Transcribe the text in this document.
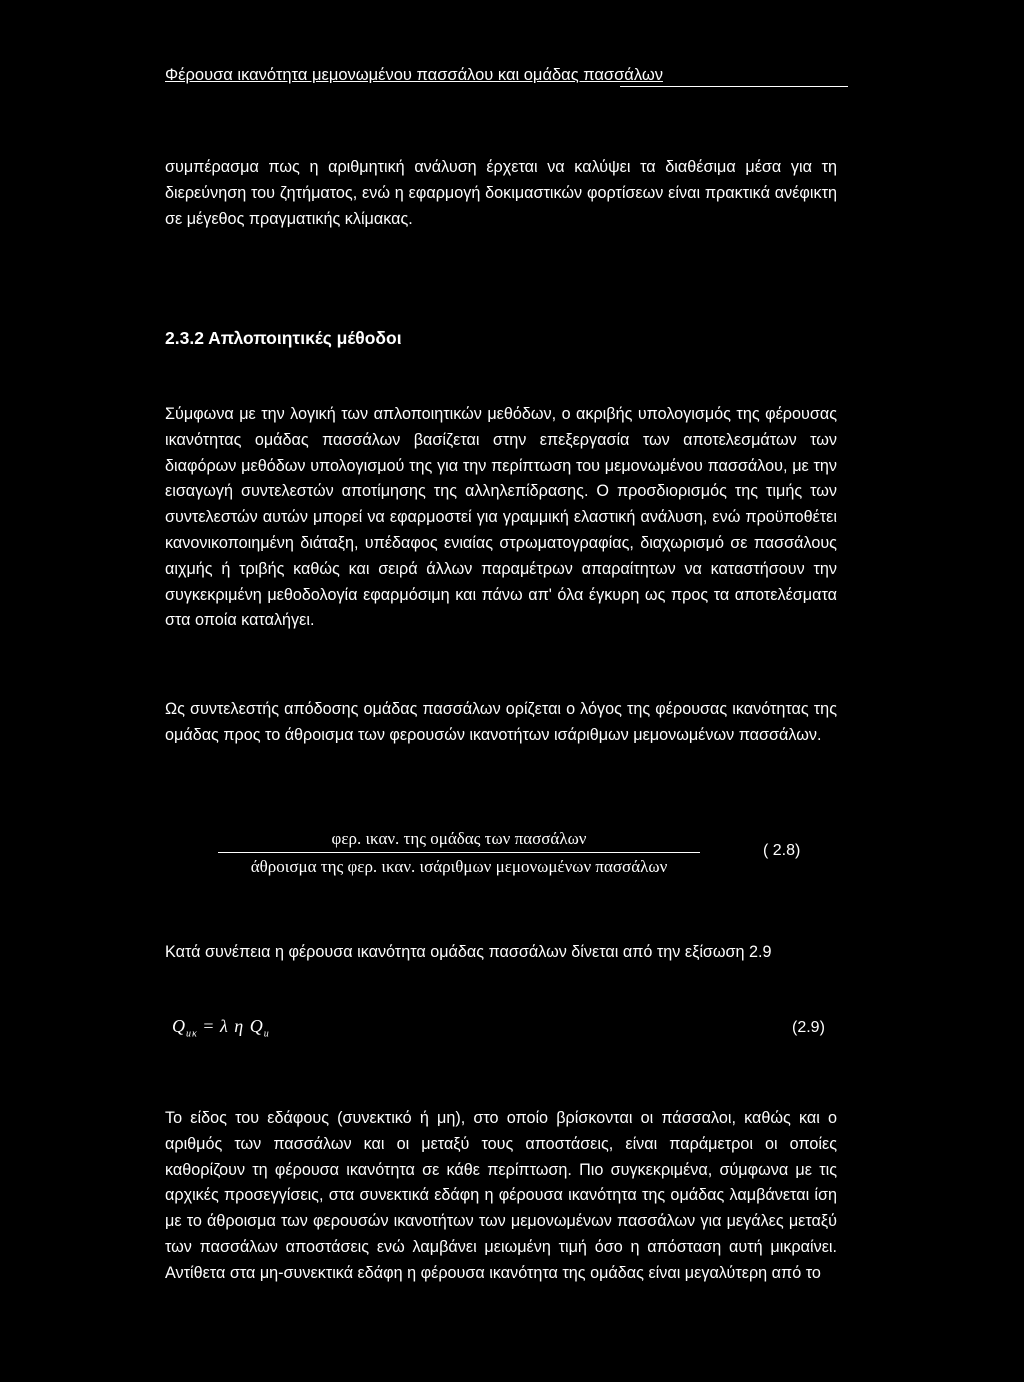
Φέρουσα ικανότητα μεμονωμένου πασσάλου και ομάδας πασσάλων

συμπέρασμα πως η αριθμητική ανάλυση έρχεται να καλύψει τα διαθέσιμα μέσα για τη διερεύνηση του ζητήματος, ενώ η εφαρμογή δοκιμαστικών φορτίσεων είναι πρακτικά ανέφικτη σε μέγεθος πραγματικής κλίμακας.

2.3.2 Απλοποιητικές μέθοδοι

Σύμφωνα με την λογική των απλοποιητικών μεθόδων, ο ακριβής υπολογισμός της φέρουσας ικανότητας ομάδας πασσάλων βασίζεται στην επεξεργασία των αποτελεσμάτων των διαφόρων μεθόδων υπολογισμού της για την περίπτωση του μεμονωμένου πασσάλου, με την εισαγωγή συντελεστών αποτίμησης της αλληλεπίδρασης. Ο προσδιορισμός της τιμής των συντελεστών αυτών μπορεί να εφαρμοστεί για γραμμική ελαστική ανάλυση, ενώ προϋποθέτει κανονικοποιημένη διάταξη, υπέδαφος ενιαίας στρωματογραφίας, διαχωρισμό σε πασσάλους αιχμής ή τριβής καθώς και σειρά άλλων παραμέτρων απαραίτητων να καταστήσουν την συγκεκριμένη μεθοδολογία εφαρμόσιμη και πάνω απ' όλα έγκυρη ως προς τα αποτελέσματα στα οποία καταλήγει.

Ως συντελεστής απόδοσης ομάδας πασσάλων ορίζεται ο λόγος της φέρουσας ικανότητας της ομάδας προς το άθροισμα των φερουσών ικανοτήτων ισάριθμων μεμονωμένων πασσάλων.

φερ. ικαν. της ομάδας των πασσάλων
άθροισμα της φερ. ικαν. ισάριθμων μεμονωμένων πασσάλων
( 2.8)

Κατά συνέπεια η φέρουσα ικανότητα ομάδας πασσάλων δίνεται από την εξίσωση 2.9

$Q_{u\kappa} = \lambda$ η $Q_u$	(2.9)

Το είδος του εδάφους (συνεκτικό ή μη), στο οποίο βρίσκονται οι πάσσαλοι, καθώς και ο αριθμός των πασσάλων και οι μεταξύ τους αποστάσεις, είναι παράμετροι οι οποίες καθορίζουν τη φέρουσα ικανότητα σε κάθε περίπτωση. Πιο συγκεκριμένα, σύμφωνα με τις αρχικές προσεγγίσεις, στα συνεκτικά εδάφη η φέρουσα ικανότητα της ομάδας λαμβάνεται ίση με το άθροισμα των φερουσών ικανοτήτων των μεμονωμένων πασσάλων για μεγάλες μεταξύ των πασσάλων αποστάσεις ενώ λαμβάνει μειωμένη τιμή όσο η απόσταση αυτή μικραίνει. Αντίθετα στα μη-συνεκτικά εδάφη η φέρουσα ικανότητα της ομάδας είναι μεγαλύτερη από το
